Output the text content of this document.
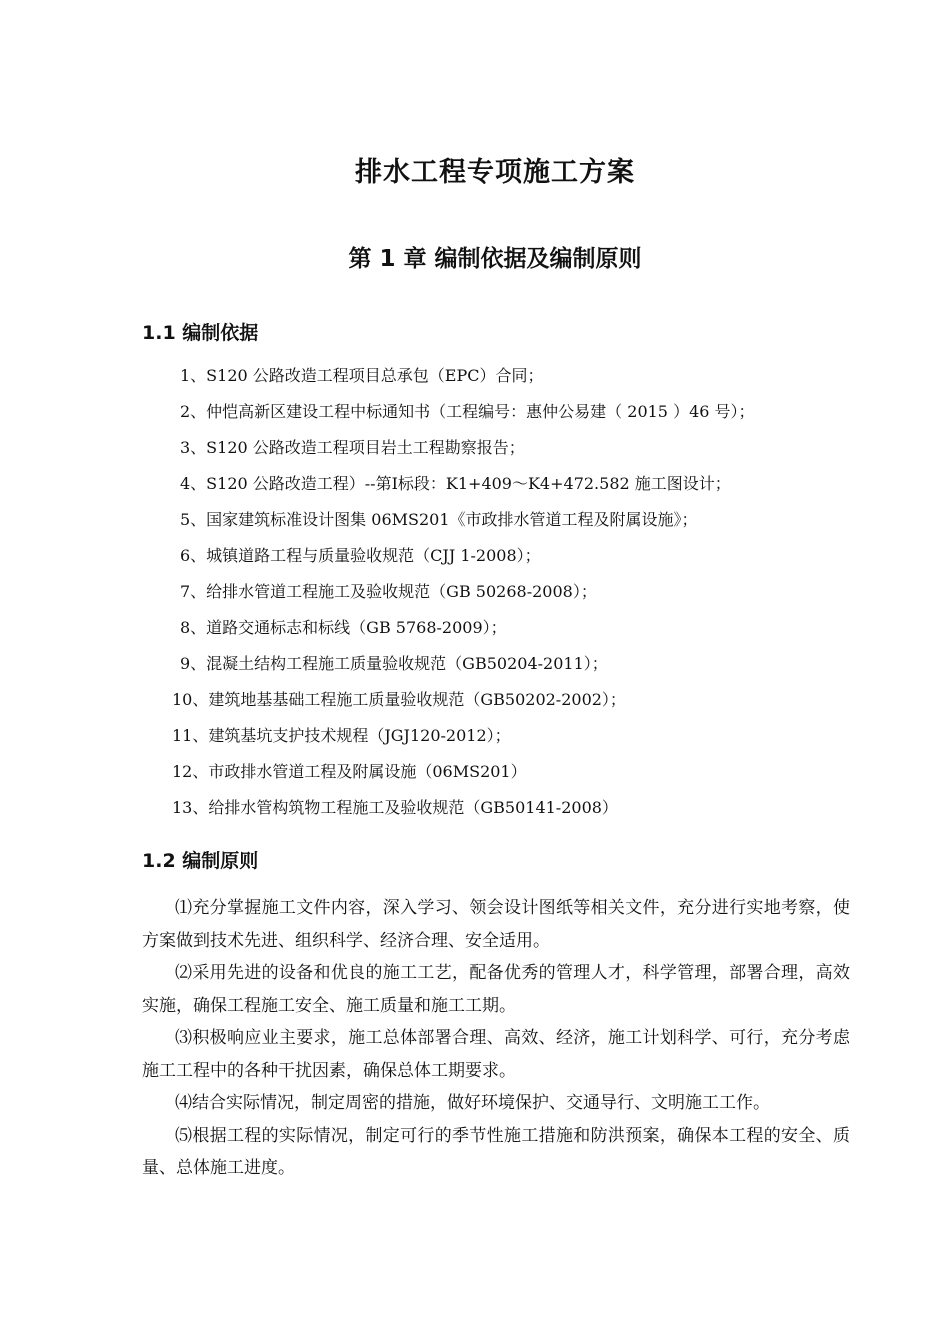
排水工程专项施工方案
第 1 章 编制依据及编制原则
1.1 编制依据
1、S120 公路改造工程项目总承包（EPC）合同；
2、仲恺高新区建设工程中标通知书（工程编号：惠仲公易建（ 2015 ）46 号）；
3、S120 公路改造工程项目岩土工程勘察报告；
4、S120 公路改造工程）--第Ⅰ标段：K1+409～K4+472.582 施工图设计；
5、国家建筑标准设计图集 06MS201《市政排水管道工程及附属设施》；
6、城镇道路工程与质量验收规范（CJJ 1-2008）；
7、给排水管道工程施工及验收规范（GB 50268-2008）；
8、道路交通标志和标线（GB 5768-2009）；
9、混凝土结构工程施工质量验收规范（GB50204-2011）；
10、建筑地基基础工程施工质量验收规范（GB50202-2002）；
11、建筑基坑支护技术规程（JGJ120-2012）；
12、市政排水管道工程及附属设施（06MS201）
13、给排水管构筑物工程施工及验收规范（GB50141-2008）
1.2 编制原则

⑴充分掌握施工文件内容，深入学习、领会设计图纸等相关文件，充分进行实地考察，使方案做到技术先进、组织科学、经济合理、安全适用。

⑵采用先进的设备和优良的施工工艺，配备优秀的管理人才，科学管理，部署合理，高效实施，确保工程施工安全、施工质量和施工工期。

⑶积极响应业主要求，施工总体部署合理、高效、经济，施工计划科学、可行，充分考虑施工工程中的各种干扰因素，确保总体工期要求。

⑷结合实际情况，制定周密的措施，做好环境保护、交通导行、文明施工工作。

⑸根据工程的实际情况，制定可行的季节性施工措施和防洪预案，确保本工程的安全、质量、总体施工进度。
